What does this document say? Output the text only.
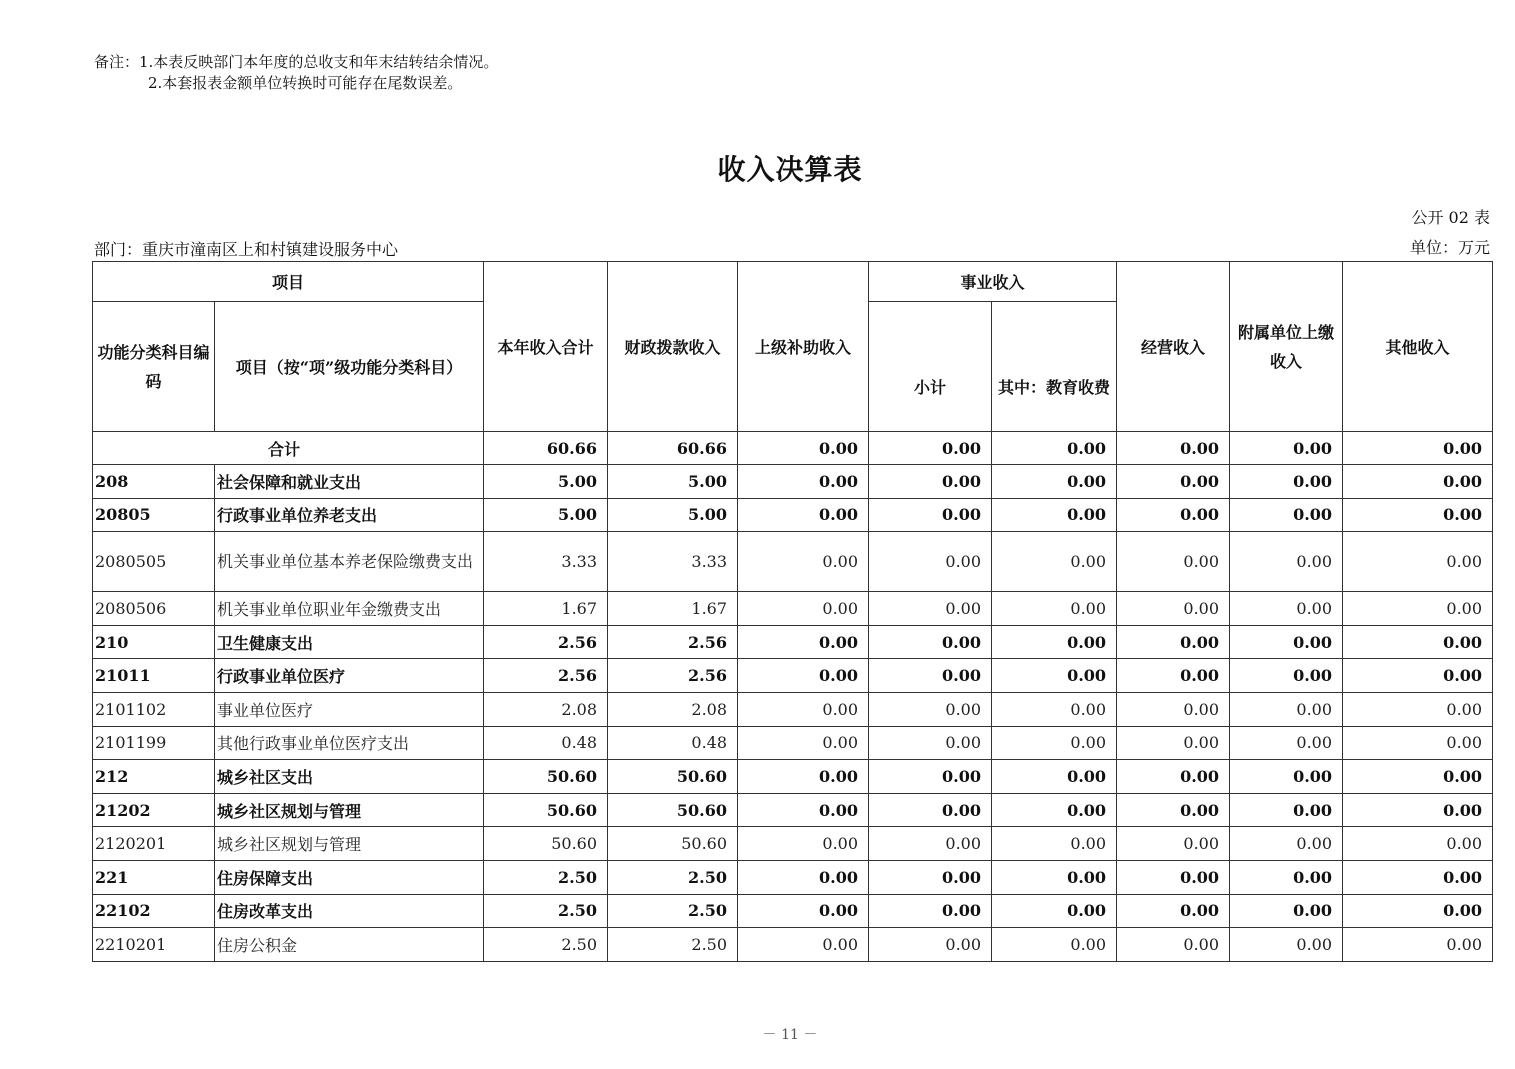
备注：1.本表反映部门本年度的总收支和年末结转结余情况。
2.本套报表金额单位转换时可能存在尾数误差。
收入决算表
公开 02 表
部门：重庆市潼南区上和村镇建设服务中心	单位：万元
项目		本年收入合计	财政拨款收入	上级补助收入	事业收入		经营收入	附属单位上缴收入	其他收入
功能分类科目编码	项目（按“项”级功能分类科目）				小计	其中：教育收费			
合计		60.66	60.66	0.00	0.00	0.00	0.00	0.00	0.00
208	社会保障和就业支出	5.00	5.00	0.00	0.00	0.00	0.00	0.00	0.00
20805	行政事业单位养老支出	5.00	5.00	0.00	0.00	0.00	0.00	0.00	0.00
2080505	机关事业单位基本养老保险缴费支出	3.33	3.33	0.00	0.00	0.00	0.00	0.00	0.00
2080506	机关事业单位职业年金缴费支出	1.67	1.67	0.00	0.00	0.00	0.00	0.00	0.00
210	卫生健康支出	2.56	2.56	0.00	0.00	0.00	0.00	0.00	0.00
21011	行政事业单位医疗	2.56	2.56	0.00	0.00	0.00	0.00	0.00	0.00
2101102	事业单位医疗	2.08	2.08	0.00	0.00	0.00	0.00	0.00	0.00
2101199	其他行政事业单位医疗支出	0.48	0.48	0.00	0.00	0.00	0.00	0.00	0.00
212	城乡社区支出	50.60	50.60	0.00	0.00	0.00	0.00	0.00	0.00
21202	城乡社区规划与管理	50.60	50.60	0.00	0.00	0.00	0.00	0.00	0.00
2120201	城乡社区规划与管理	50.60	50.60	0.00	0.00	0.00	0.00	0.00	0.00
221	住房保障支出	2.50	2.50	0.00	0.00	0.00	0.00	0.00	0.00
22102	住房改革支出	2.50	2.50	0.00	0.00	0.00	0.00	0.00	0.00
2210201	住房公积金	2.50	2.50	0.00	0.00	0.00	0.00	0.00	0.00
－ 11 －
